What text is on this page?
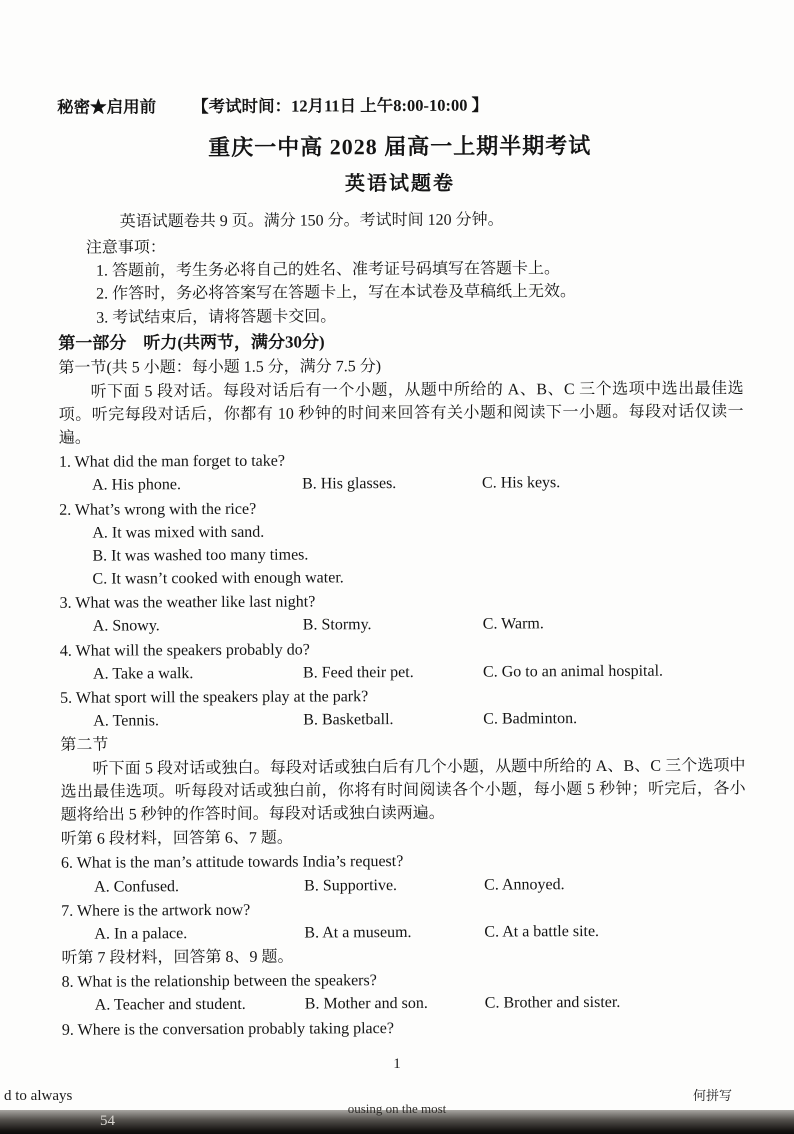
秘密★启用前 【考试时间：12月11日 上午8:00-10:00 】
重庆一中高 2028 届高一上期半期考试
英语试题卷

英语试题卷共 9 页。满分 150 分。考试时间 120 分钟。

注意事项：

1. 答题前，考生务必将自己的姓名、准考证号码填写在答题卡上。

2. 作答时，务必将答案写在答题卡上，写在本试卷及草稿纸上无效。

3. 考试结束后，请将答题卡交回。

第一部分　听力(共两节，满分30分)

第一节(共 5 小题：每小题 1.5 分，满分 7.5 分)

听下面 5 段对话。每段对话后有一个小题，从题中所给的 A、B、C 三个选项中选出最佳选项。听完每段对话后，你都有 10 秒钟的时间来回答有关小题和阅读下一小题。每段对话仅读一遍。

1. What did the man forget to take?

A. His phone.	B. His glasses.	C. His keys.

2. What’s wrong with the rice?

A. It was mixed with sand.

B. It was washed too many times.

C. It wasn’t cooked with enough water.

3. What was the weather like last night?

A. Snowy.	B. Stormy.	C. Warm.

4. What will the speakers probably do?

A. Take a walk.	B. Feed their pet.	C. Go to an animal hospital.

5. What sport will the speakers play at the park?

A. Tennis.	B. Basketball.	C. Badminton.

第二节

听下面 5 段对话或独白。每段对话或独白后有几个小题，从题中所给的 A、B、C 三个选项中选出最佳选项。听每段对话或独白前，你将有时间阅读各个小题，每小题 5 秒钟；听完后，各小题将给出 5 秒钟的作答时间。每段对话或独白读两遍。

听第 6 段材料，回答第 6、7 题。

6. What is the man’s attitude towards India’s request?

A. Confused.	B. Supportive.	C. Annoyed.

7. Where is the artwork now?

A. In a palace.	B. At a museum.	C. At a battle site.

听第 7 段材料，回答第 8、9 题。

8. What is the relationship between the speakers?

A. Teacher and student.	B. Mother and son.	C. Brother and sister.

9. Where is the conversation probably taking place?

1
d to always
54
ousing on the most
何拼写
